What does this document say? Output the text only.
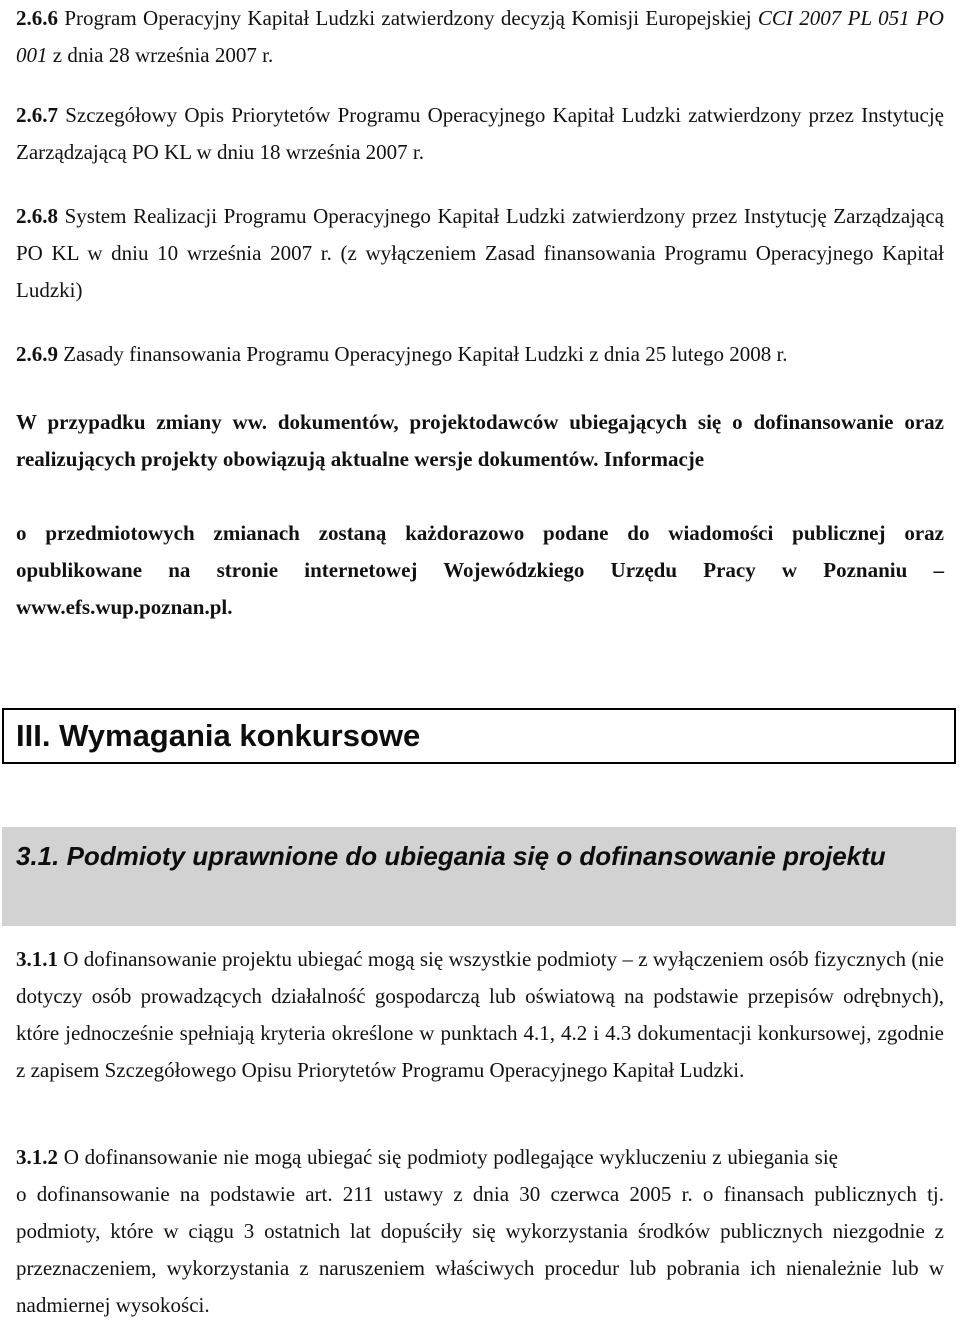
2.6.6 Program Operacyjny Kapitał Ludzki zatwierdzony decyzją Komisji Europejskiej CCI 2007 PL 051 PO 001 z dnia 28 września 2007 r.

2.6.7 Szczegółowy Opis Priorytetów Programu Operacyjnego Kapitał Ludzki zatwierdzony przez Instytucję Zarządzającą PO KL w dniu 18 września 2007 r.

2.6.8 System Realizacji Programu Operacyjnego Kapitał Ludzki zatwierdzony przez Instytucję Zarządzającą PO KL w dniu 10 września 2007 r. (z wyłączeniem Zasad finansowania Programu Operacyjnego Kapitał Ludzki)

2.6.9 Zasady finansowania Programu Operacyjnego Kapitał Ludzki z dnia 25 lutego 2008 r.

W przypadku zmiany ww. dokumentów, projektodawców ubiegających się o dofinansowanie oraz realizujących projekty obowiązują aktualne wersje dokumentów. Informacje

o przedmiotowych zmianach zostaną każdorazowo podane do wiadomości publicznej oraz opublikowane na stronie internetowej Wojewódzkiego Urzędu Pracy w Poznaniu – www.efs.wup.poznan.pl.

III. Wymagania konkursowe
3.1. Podmioty uprawnione do ubiegania się o dofinansowanie projektu

3.1.1 O dofinansowanie projektu ubiegać mogą się wszystkie podmioty – z wyłączeniem osób fizycznych (nie dotyczy osób prowadzących działalność gospodarczą lub oświatową na podstawie przepisów odrębnych), które jednocześnie spełniają kryteria określone w punktach 4.1, 4.2 i 4.3 dokumentacji konkursowej, zgodnie z zapisem Szczegółowego Opisu Priorytetów Programu Operacyjnego Kapitał Ludzki.

3.1.2 O dofinansowanie nie mogą ubiegać się podmioty podlegające wykluczeniu z ubiegania sięo dofinansowanie na podstawie art. 211 ustawy z dnia 30 czerwca 2005 r. o finansach publicznych tj. podmioty, które w ciągu 3 ostatnich lat dopuściły się wykorzystania środków publicznych niezgodnie z przeznaczeniem, wykorzystania z naruszeniem właściwych procedur lub pobrania ich nienależnie lub w nadmiernej wysokości.
